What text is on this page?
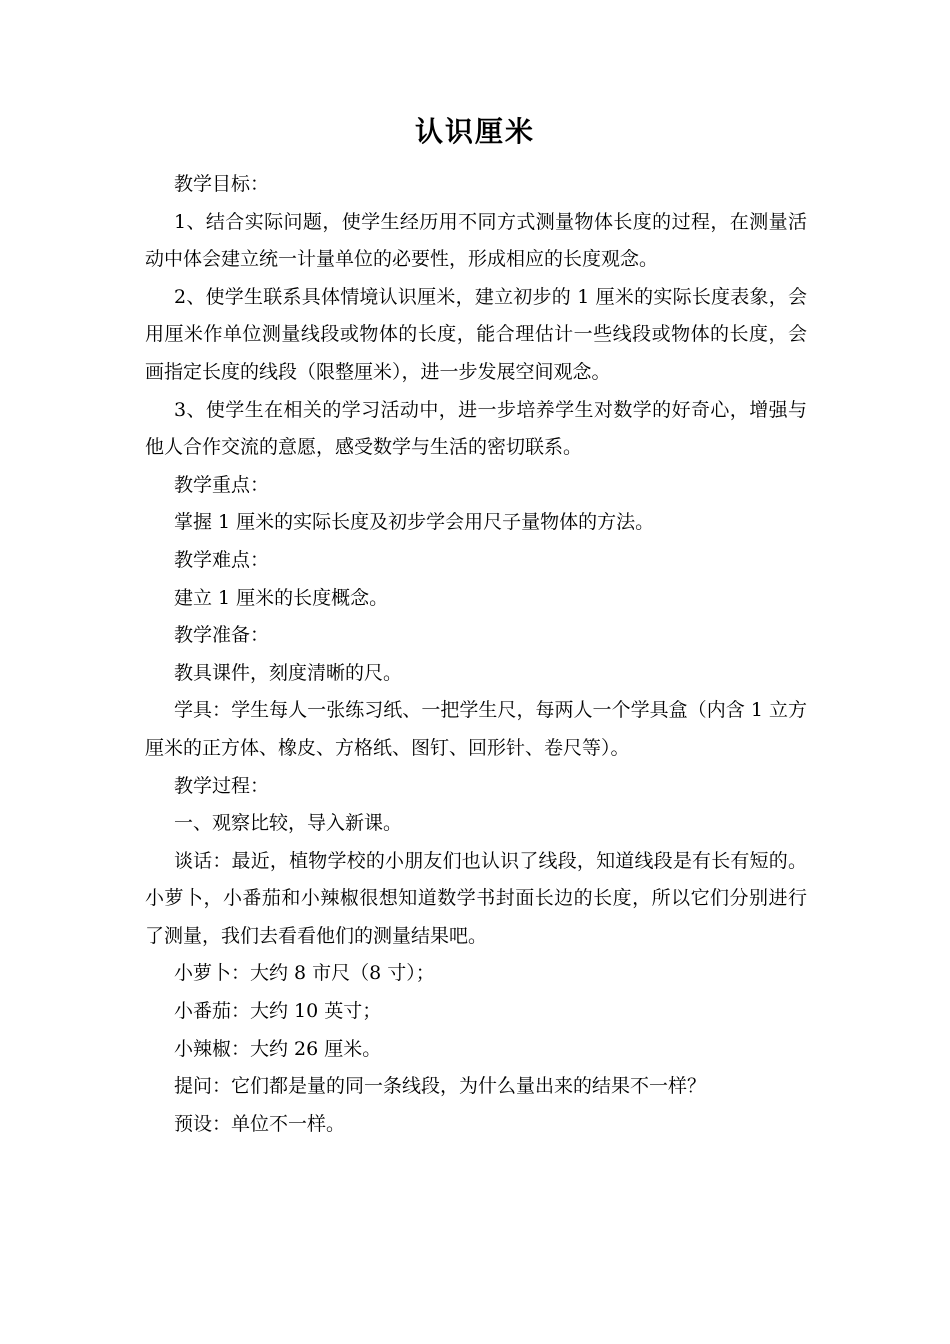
认识厘米

教学目标：

1、结合实际问题，使学生经历用不同方式测量物体长度的过程，在测量活动中体会建立统一计量单位的必要性，形成相应的长度观念。

2、使学生联系具体情境认识厘米，建立初步的 1 厘米的实际长度表象，会用厘米作单位测量线段或物体的长度，能合理估计一些线段或物体的长度，会画指定长度的线段（限整厘米），进一步发展空间观念。

3、使学生在相关的学习活动中，进一步培养学生对数学的好奇心，增强与他人合作交流的意愿，感受数学与生活的密切联系。

教学重点：

掌握 1 厘米的实际长度及初步学会用尺子量物体的方法。

教学难点：

建立 1 厘米的长度概念。

教学准备：

教具课件，刻度清晰的尺。

学具：学生每人一张练习纸、一把学生尺，每两人一个学具盒（内含 1 立方厘米的正方体、橡皮、方格纸、图钉、回形针、卷尺等）。

教学过程：

一、观察比较，导入新课。

谈话：最近，植物学校的小朋友们也认识了线段，知道线段是有长有短的。小萝卜，小番茄和小辣椒很想知道数学书封面长边的长度，所以它们分别进行了测量，我们去看看他们的测量结果吧。

小萝卜：大约 8 市尺（8 寸）；

小番茄：大约 10 英寸；

小辣椒：大约 26 厘米。

提问：它们都是量的同一条线段，为什么量出来的结果不一样？

预设：单位不一样。
